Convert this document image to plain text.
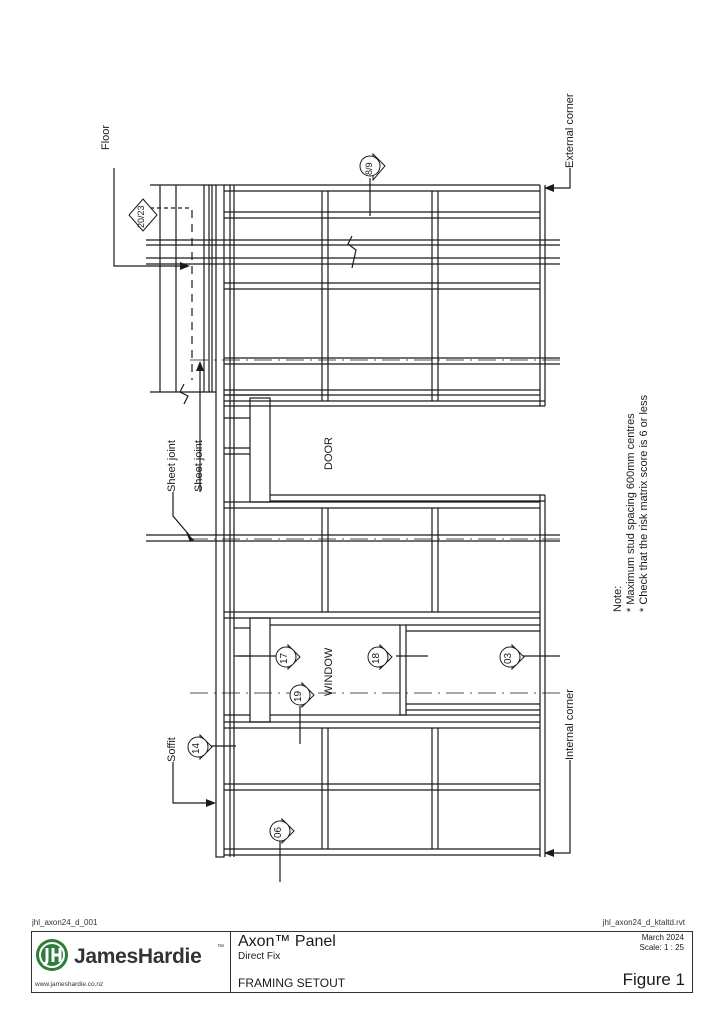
20/23
8/9
17	18	03
19
14
06
Floor	External corner
Internal corner
Sheet joint Sheet joint
Soffit
DOOR
WINDOW
Note: * Maximum stud spacing 600mm centres * Check that the risk matrix score is 6 or less
jhl_axon24_d_001	jhl_axon24_d_ktaltd.rvt
JamesHardie ™
www.jameshardie.co.nz
Axon™ Panel
Direct Fix
FRAMING SETOUT
March 2024
Scale: 1 : 25
Figure 1
